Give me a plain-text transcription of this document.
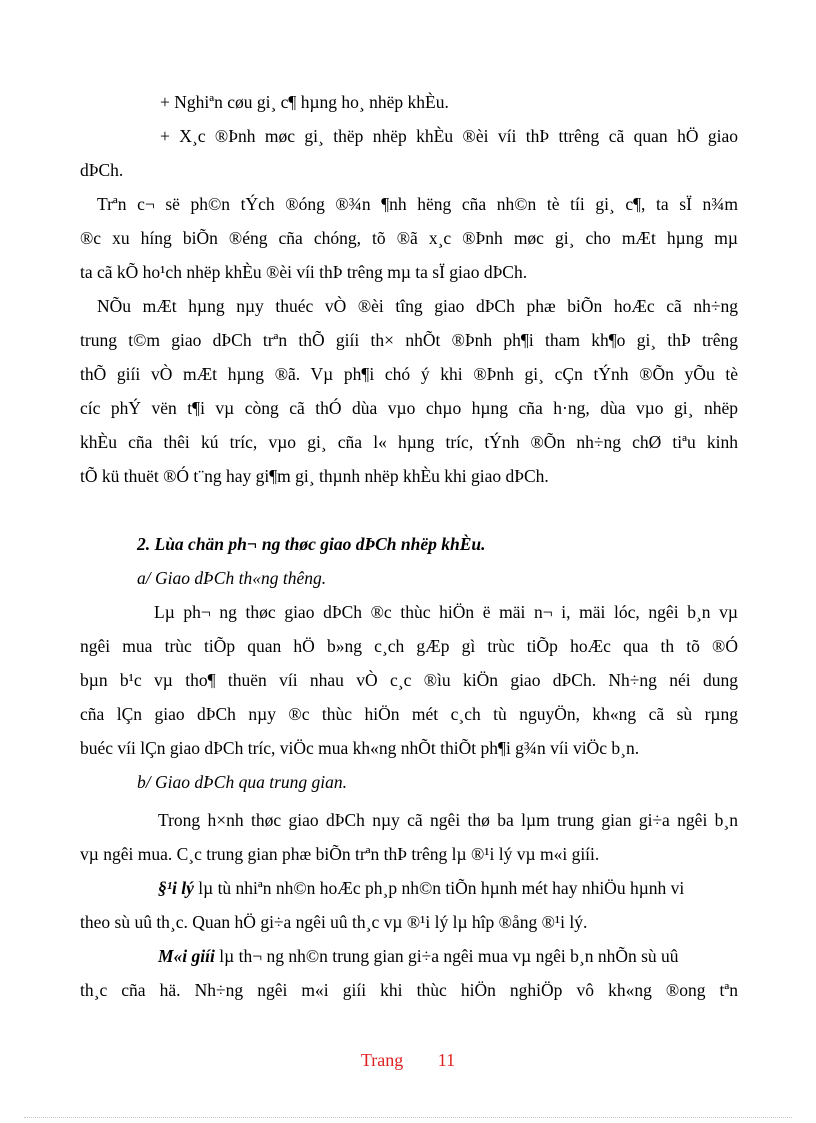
+ Nghiªn cøu gi¸ c¶ hµng ho¸ nhëp khÈu.
+ X¸c ®Þnh møc gi¸ thëp nhëp khÈu ®èi víi thÞ ttrêng cã quan hÖ giao
dÞCh.
Trªn c¬ së ph©n tÝch ®óng ®¾n ¶nh hëng cña nh©n tè tíi gi¸ c¶, ta sÏ n¾m
®c xu híng biÕn ®éng cña chóng, tõ ®ã x¸c ®Þnh møc gi¸ cho mÆt hµng mµ
ta cã kÕ ho¹ch nhëp khÈu ®èi víi thÞ trêng mµ ta sÏ giao dÞCh.
NÕu mÆt hµng nµy thuéc vÒ ®èi tîng giao dÞCh phæ biÕn hoÆc cã nh÷ng
trung t©m giao dÞCh trªn thÕ giíi th× nhÕt ®Þnh ph¶i tham kh¶o gi¸ thÞ trêng
thÕ giíi vÒ mÆt hµng ®ã. Vµ ph¶i chó ý khi ®Þnh gi¸ cÇn tÝnh ®Õn yÕu tè
cíc phÝ vën t¶i vµ còng cã thÓ dùa vµo chµo hµng cña h·ng, dùa vµo gi¸ nhëp
khÈu cña thêi kú tríc, vµo gi¸ cña l« hµng tríc, tÝnh ®Õn nh÷ng chØ tiªu kinh
tÕ kü thuët ®Ó t¨ng hay gi¶m gi¸ thµnh nhëp khÈu khi giao dÞCh.
2. Lùa chän ph¬ ng thøc giao dÞCh nhëp khÈu.
a/ Giao dÞCh th«ng thêng.
Lµ ph¬ ng thøc giao dÞCh ®c thùc hiÖn ë mäi n¬ i, mäi lóc, ngêi b¸n vµ
ngêi mua trùc tiÕp quan hÖ b»ng c¸ch gÆp gì trùc tiÕp hoÆc qua th tõ ®Ó
bµn b¹c vµ tho¶ thuën víi nhau vÒ c¸c ®ìu kiÖn giao dÞCh. Nh÷ng néi dung
cña lÇn giao dÞCh nµy ®c thùc hiÖn mét c¸ch tù nguyÖn, kh«ng cã sù rµng
buéc víi lÇn giao dÞCh tríc, viÖc mua kh«ng nhÕt thiÕt ph¶i g¾n víi viÖc b¸n.
b/ Giao dÞCh qua trung gian.
Trong h×nh thøc giao dÞCh nµy cã ngêi thø ba lµm trung gian gi÷a ngêi b¸n
vµ ngêi mua. C¸c trung gian phæ biÕn trªn thÞ trêng lµ ®¹i lý vµ m«i giíi.
§¹i lý lµ tù nhiªn nh©n hoÆc ph¸p nh©n tiÕn hµnh mét hay nhiÖu hµnh vi
theo sù uû th¸c. Quan hÖ gi÷a ngêi uû th¸c vµ ®¹i lý lµ hîp ®ång ®¹i lý.
M«i giíi lµ th¬ ng nh©n trung gian gi÷a ngêi mua vµ ngêi b¸n nhÕn sù uû
th¸c cña hä. Nh÷ng ngêi m«i giíi khi thùc hiÖn nghiÖp vô kh«ng ®ong tªn
Trang 11
